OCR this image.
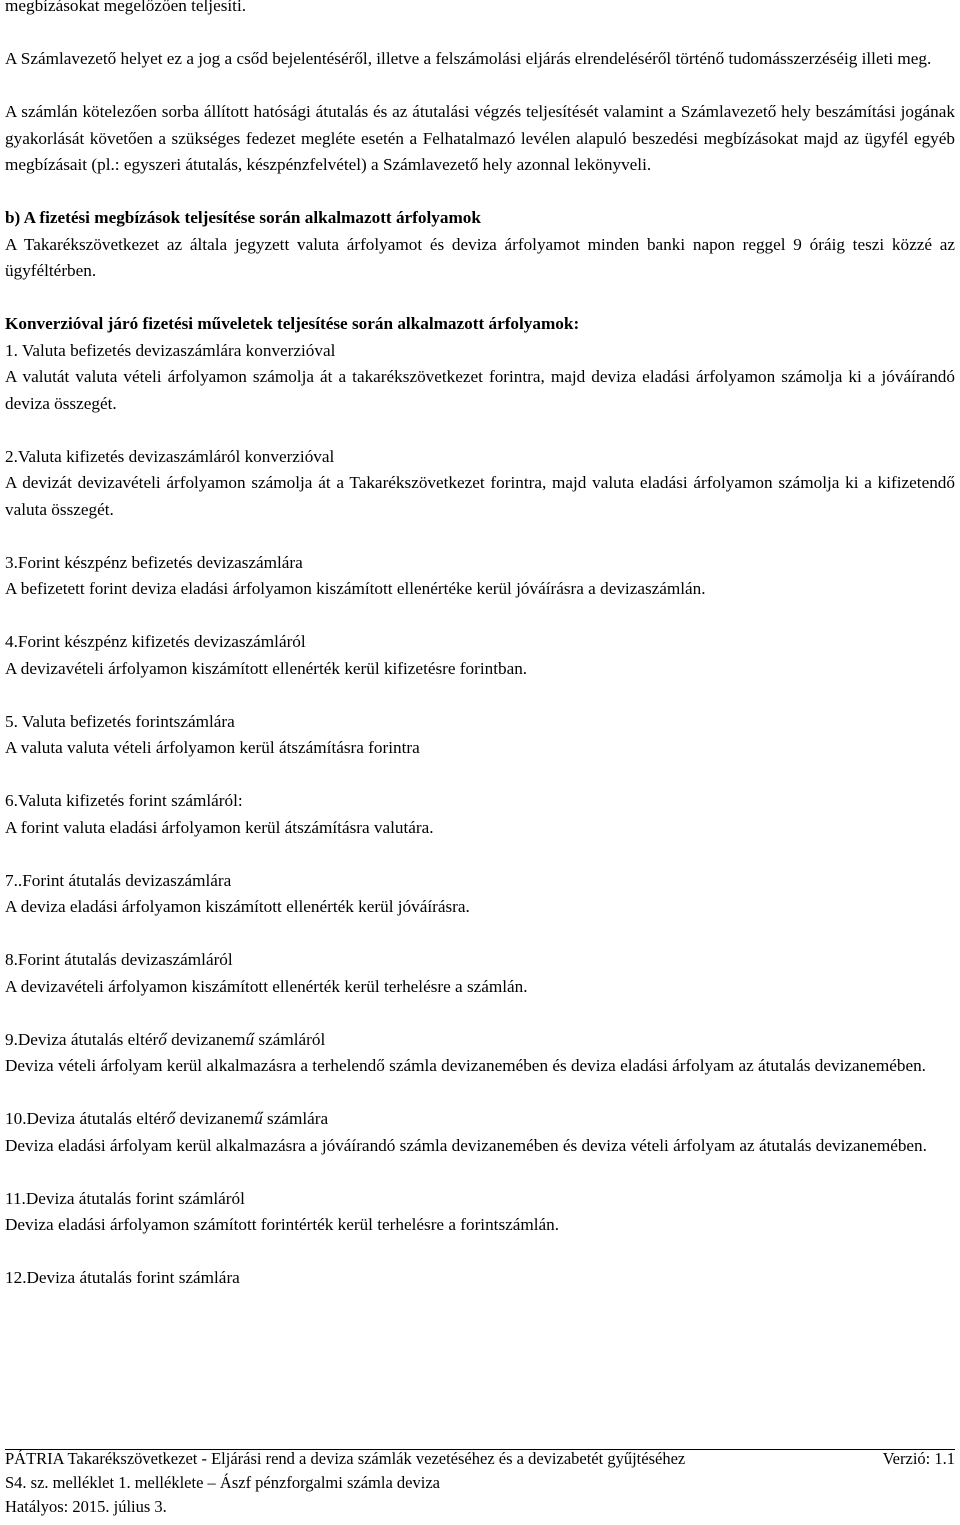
megbízásokat megelőzően teljesíti.

A Számlavezető helyet ez a jog a csőd bejelentéséről, illetve a felszámolási eljárás elrendeléséről történő tudomásszerzéséig illeti meg.

A számlán kötelezően sorba állított hatósági átutalás és az átutalási végzés teljesítését valamint a Számlavezető hely beszámítási jogának gyakorlását követően a szükséges fedezet megléte esetén a Felhatalmazó levélen alapuló beszedési megbízásokat majd az ügyfél egyéb megbízásait (pl.: egyszeri átutalás, készpénzfelvétel) a Számlavezető hely azonnal lekönyveli.

b) A fizetési megbízások teljesítése során alkalmazott árfolyamok
A Takarékszövetkezet az általa jegyzett valuta árfolyamot és deviza árfolyamot minden banki napon reggel 9 óráig teszi közzé az ügyféltérben.
Konverzióval járó fizetési műveletek teljesítése során alkalmazott árfolyamok:
1. Valuta befizetés devizaszámlára konverzióval
A valutát valuta vételi árfolyamon számolja át a takarékszövetkezet forintra, majd deviza eladási árfolyamon számolja ki a jóváírandó deviza összegét.
2.Valuta kifizetés devizaszámláról konverzióval
A devizát devizavételi árfolyamon számolja át a Takarékszövetkezet forintra, majd valuta eladási árfolyamon számolja ki a kifizetendő valuta összegét.
3.Forint készpénz befizetés devizaszámlára
A befizetett forint deviza eladási árfolyamon kiszámított ellenértéke kerül jóváírásra a devizaszámlán.
4.Forint készpénz kifizetés devizaszámláról
A devizavételi árfolyamon kiszámított ellenérték kerül kifizetésre forintban.
5. Valuta befizetés forintszámlára
A valuta valuta vételi árfolyamon kerül átszámításra forintra
6.Valuta kifizetés forint számláról:
A forint valuta eladási árfolyamon kerül átszámításra valutára.
7..Forint átutalás devizaszámlára
A deviza eladási árfolyamon kiszámított ellenérték kerül jóváírásra.
8.Forint átutalás devizaszámláról
A devizavételi árfolyamon kiszámított ellenérték kerül terhelésre a számlán.
9.Deviza átutalás eltérő devizanemű számláról
Deviza vételi árfolyam kerül alkalmazásra a terhelendő számla devizanemében és deviza eladási árfolyam az átutalás devizanemében.
10.Deviza átutalás eltérő devizanemű számlára
Deviza eladási árfolyam kerül alkalmazásra a jóváírandó számla devizanemében és deviza vételi árfolyam az átutalás devizanemében.
11.Deviza átutalás forint számláról
Deviza eladási árfolyamon számított forintérték kerül terhelésre a forintszámlán.
12.Deviza átutalás forint számlára
PÁTRIA Takarékszövetkezet - Eljárási rend a deviza számlák vezetéséhez és a devizabetét gyűjtéséhez	Verzió: 1.1
S4. sz. melléklet 1. melléklete – Ászf pénzforgalmi számla deviza
Hatályos: 2015. július 3.
